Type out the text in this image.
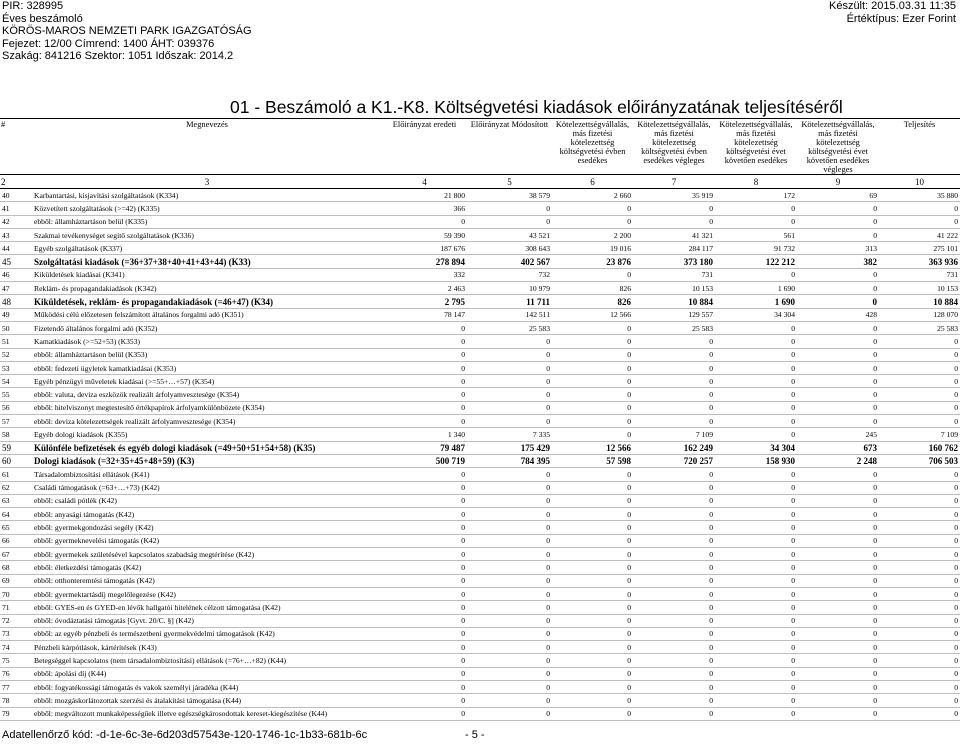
PIR: 328995
Éves beszámoló
KÖRÖS-MAROS NEMZETI PARK IGAZGATÓSÁG
Fejezet: 12/00 Címrend: 1400 ÁHT: 039376
Szakág: 841216 Szektor: 1051 Időszak: 2014.2
Készült: 2015.03.31 11:35
Értéktípus: Ezer Forint
01 - Beszámoló a K1.-K8. Költségvetési kiadások előirányzatának teljesítéséről
#	Megnevezés	Előirányzat eredeti	Előirányzat Módosított	Kötelezettségvállalás, más fizetési kötelezettség költségvetési évben esedékes	Kötelezettségvállalás, más fizetési kötelezettség költségvetési évben esedékes végleges	Kötelezettségvállalás, más fizetési kötelezettség költségvetési évet követően esedékes	Kötelezettségvállalás, más fizetési kötelezettség költségvetési évet követően esedékes végleges	Teljesítés
2	3	4	5	6	7	8	9	10
40	Karbantartási, kisjavítási szolgáltatások (K334)	21 800	38 579	2 660	35 919	172	69	35 880
41	Közvetített szolgáltatások (>=42) (K335)	366	0	0	0	0	0	0
42	ebből: államháztartáson belül (K335)	0	0	0	0	0	0	0
43	Szakmai tevékenységet segítő szolgáltatások (K336)	59 390	43 521	2 200	41 321	561	0	41 222
44	Egyéb szolgáltatások (K337)	187 676	308 643	19 016	284 117	91 732	313	275 101
45	Szolgáltatási kiadások (=36+37+38+40+41+43+44) (K33)	278 894	402 567	23 876	373 180	122 212	382	363 936
46	Kiküldetések kiadásai (K341)	332	732	0	731	0	0	731
47	Reklám- és propagandakiadások (K342)	2 463	10 979	826	10 153	1 690	0	10 153
48	Kiküldetések, reklám- és propagandakiadások (=46+47) (K34)	2 795	11 711	826	10 884	1 690	0	10 884
49	Működési célú előzetesen felszámított általános forgalmi adó (K351)	78 147	142 511	12 566	129 557	34 304	428	128 070
50	Fizetendő általános forgalmi adó (K352)	0	25 583	0	25 583	0	0	25 583
51	Kamatkiadások (>=52+53) (K353)	0	0	0	0	0	0	0
52	ebből: államháztartáson belül (K353)	0	0	0	0	0	0	0
53	ebből: fedezeti ügyletek kamatkiadásai (K353)	0	0	0	0	0	0	0
54	Egyéb pénzügyi műveletek kiadásai (>=55+…+57) (K354)	0	0	0	0	0	0	0
55	ebből: valuta, deviza eszközök realizált árfolyamvesztesége (K354)	0	0	0	0	0	0	0
56	ebből: hitelviszonyt megtestesítő értékpapírok árfolyamkülönbözete (K354)	0	0	0	0	0	0	0
57	ebből: deviza kötelezettségek realizált árfolyamvesztesége (K354)	0	0	0	0	0	0	0
58	Egyéb dologi kiadások (K355)	1 340	7 335	0	7 109	0	245	7 109
59	Különféle befizetések és egyéb dologi kiadások (=49+50+51+54+58) (K35)	79 487	175 429	12 566	162 249	34 304	673	160 762
60	Dologi kiadások (=32+35+45+48+59) (K3)	500 719	784 395	57 598	720 257	158 930	2 248	706 503
61	Társadalombiztosítási ellátások (K41)	0	0	0	0	0	0	0
62	Családi támogatások (=63+…+73) (K42)	0	0	0	0	0	0	0
63	ebből: családi pótlék (K42)	0	0	0	0	0	0	0
64	ebből: anyasági támogatás (K42)	0	0	0	0	0	0	0
65	ebből: gyermekgondozási segély (K42)	0	0	0	0	0	0	0
66	ebből: gyermeknevelési támogatás (K42)	0	0	0	0	0	0	0
67	ebből: gyermekek születésével kapcsolatos szabadság megtérítése (K42)	0	0	0	0	0	0	0
68	ebből: életkezdési támogatás (K42)	0	0	0	0	0	0	0
69	ebből: otthonteremtési támogatás (K42)	0	0	0	0	0	0	0
70	ebből: gyermektartásdíj megelőlegezése (K42)	0	0	0	0	0	0	0
71	ebből: GYES-en és GYED-en lévők hallgatói hitelének célzott támogatása (K42)	0	0	0	0	0	0	0
72	ebből: óvodáztatási támogatás [Gyvt. 20/C. §] (K42)	0	0	0	0	0	0	0
73	ebből: az egyéb pénzbeli és természetbeni gyermekvédelmi támogatások (K42)	0	0	0	0	0	0	0
74	Pénzbeli kárpótlások, kártérítések (K43)	0	0	0	0	0	0	0
75	Betegséggel kapcsolatos (nem társadalombiztosítási) ellátások (=76+…+82) (K44)	0	0	0	0	0	0	0
76	ebből: ápolási díj (K44)	0	0	0	0	0	0	0
77	ebből: fogyatékossági támogatás és vakok személyi járadéka (K44)	0	0	0	0	0	0	0
78	ebből: mozgáskorlátozottak szerzési és átalakítási támogatása (K44)	0	0	0	0	0	0	0
79	ebből: megváltozott munkaképességűek illetve egészségkárosodottak kereset-kiegészítése (K44)	0	0	0	0	0	0	0
Adatellenőrző kód: -d-1e-6c-3e-6d203d57543e-120-1746-1c-1b33-681b-6c	- 5 -
